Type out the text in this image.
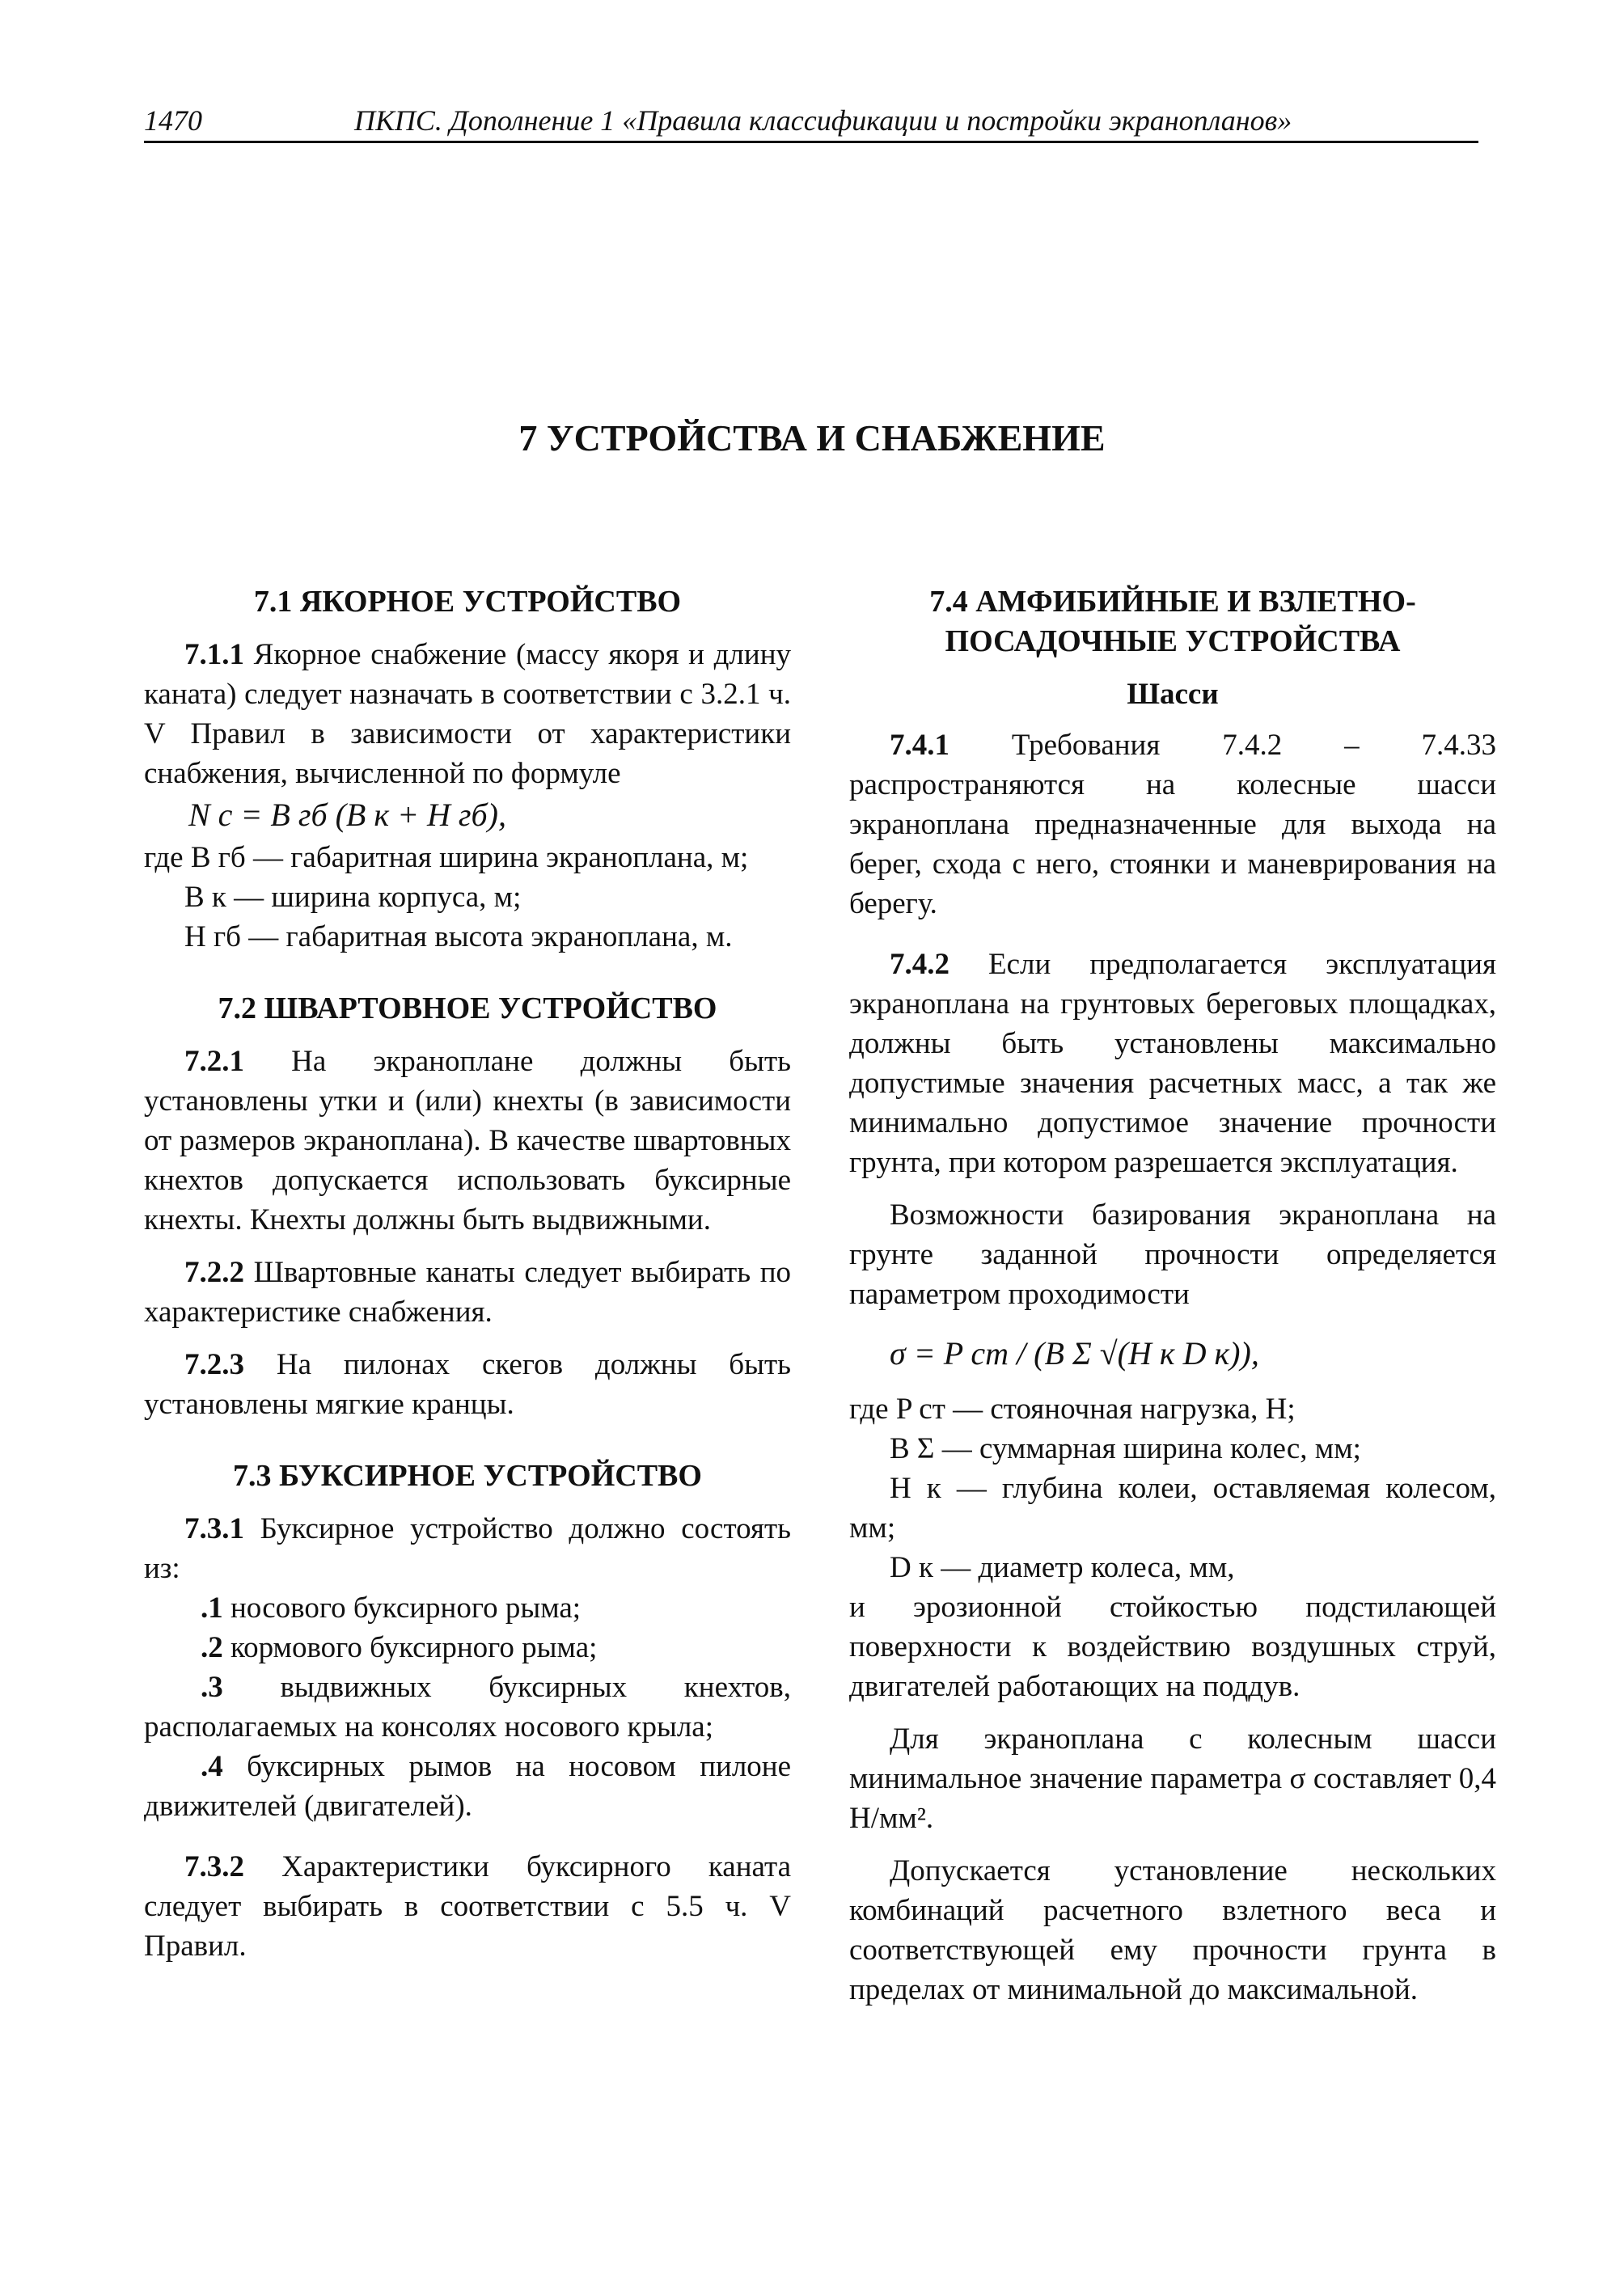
1470	ПКПС. Дополнение 1 «Правила классификации и постройки экранопланов»
7 УСТРОЙСТВА И СНАБЖЕНИЕ
7.1 ЯКОРНОЕ УСТРОЙСТВО

7.1.1 Якорное снабжение (массу якоря и длину каната) следует назначать в соответствии с 3.2.1 ч. V Правил в зависимости от характеристики снабжения, вычисленной по формуле

N с = B гб (B к + H гб),

где B гб — габаритная ширина экраноплана, м;

B к — ширина корпуса, м;

H гб — габаритная высота экраноплана, м.

7.2 ШВАРТОВНОЕ УСТРОЙСТВО

7.2.1 На экраноплане должны быть установлены утки и (или) кнехты (в зависимости от размеров экраноплана). В качестве швартовных кнехтов допускается использовать буксирные кнехты. Кнехты должны быть выдвижными.

7.2.2 Швартовные канаты следует выбирать по характеристике снабжения.

7.2.3 На пилонах скегов должны быть установлены мягкие кранцы.

7.3 БУКСИРНОЕ УСТРОЙСТВО

7.3.1 Буксирное устройство должно состоять из:

.1 носового буксирного рыма;

.2 кормового буксирного рыма;

.3 выдвижных буксирных кнехтов, располагаемых на консолях носового крыла;

.4 буксирных рымов на носовом пилоне движителей (двигателей).

7.3.2 Характеристики буксирного каната следует выбирать в соответствии с 5.5 ч. V Правил.

7.4 АМФИБИЙНЫЕ И ВЗЛЕТНО-
ПОСАДОЧНЫЕ УСТРОЙСТВА
Шасси

7.4.1 Требования 7.4.2 – 7.4.33 распространяются на колесные шасси экраноплана предназначенные для выхода на берег, схода с него, стоянки и маневрирования на берегу.

7.4.2 Если предполагается эксплуатация экраноплана на грунтовых береговых площадках, должны быть установлены максимально допустимые значения расчетных масс, а так же минимально допустимое значение прочности грунта, при котором разрешается эксплуатация.

Возможности базирования экраноплана на грунте заданной прочности определяется параметром проходимости

σ = P ст / (B Σ √(H к D к)),

где P ст — стояночная нагрузка, Н;

B Σ — суммарная ширина колес, мм;

H к — глубина колеи, оставляемая колесом, мм;

D к — диаметр колеса, мм,

и эрозионной стойкостью подстилающей поверхности к воздействию воздушных струй, двигателей работающих на поддув.

Для экраноплана с колесным шасси минимальное значение параметра σ составляет 0,4 Н/мм².

Допускается установление нескольких комбинаций расчетного взлетного веса и соответствующей ему прочности грунта в пределах от минимальной до максимальной.
